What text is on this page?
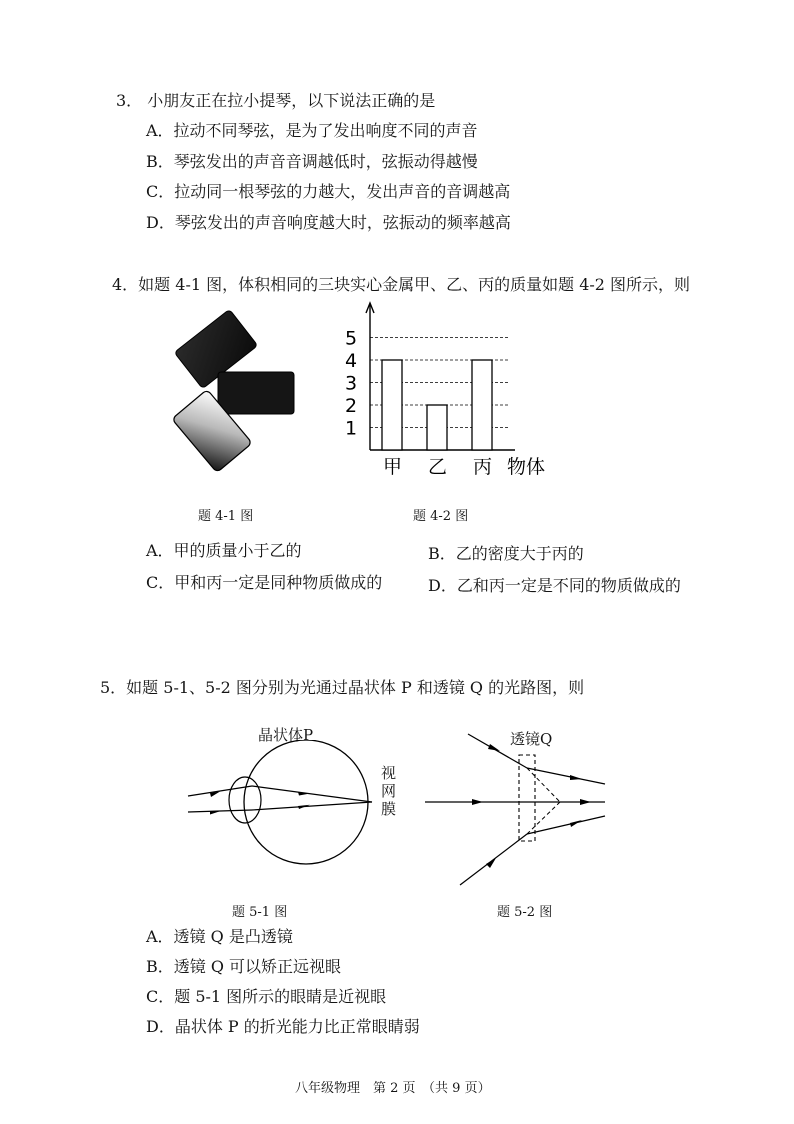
3． 小朋友正在拉小提琴，以下说法正确的是
A．拉动不同琴弦，是为了发出响度不同的声音
B．琴弦发出的声音音调越低时，弦振动得越慢
C．拉动同一根琴弦的力越大，发出声音的音调越高
D．琴弦发出的声音响度越大时，弦振动的频率越高
4．如题 4-1 图，体积相同的三块实心金属甲、乙、丙的质量如题 4-2 图所示，则
题 4-1 图
1
2
3
4
5
甲 乙 丙 物体
题 4-2 图
A．甲的质量小于乙的	B．乙的密度大于丙的
C．甲和丙一定是同种物质做成的	D．乙和丙一定是不同的物质做成的
5．如题 5-1、5-2 图分别为光通过晶状体 P 和透镜 Q 的光路图，则
晶状体P
视
网
膜
透镜Q
题 5-1 图	题 5-2 图
A．透镜 Q 是凸透镜
B．透镜 Q 可以矫正远视眼
C．题 5-1 图所示的眼睛是近视眼
D．晶状体 P 的折光能力比正常眼睛弱
八年级物理　第 2 页　（共 9 页）
